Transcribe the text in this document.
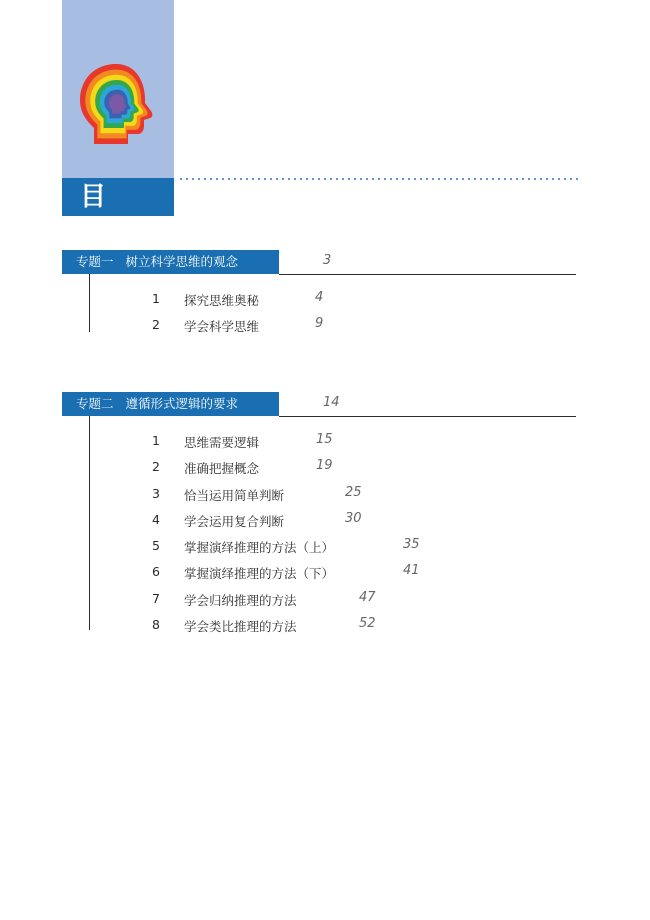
目 录
专题一 树立科学思维的观念	3
1	探究思维奥秘	4
2	学会科学思维	9
专题二 遵循形式逻辑的要求	14
1	思维需要逻辑	15
2	准确把握概念	19
3	恰当运用简单判断	25
4	学会运用复合判断	30
5	掌握演绎推理的方法（上）	35
6	掌握演绎推理的方法（下）	41
7	学会归纳推理的方法	47
8	学会类比推理的方法	52
